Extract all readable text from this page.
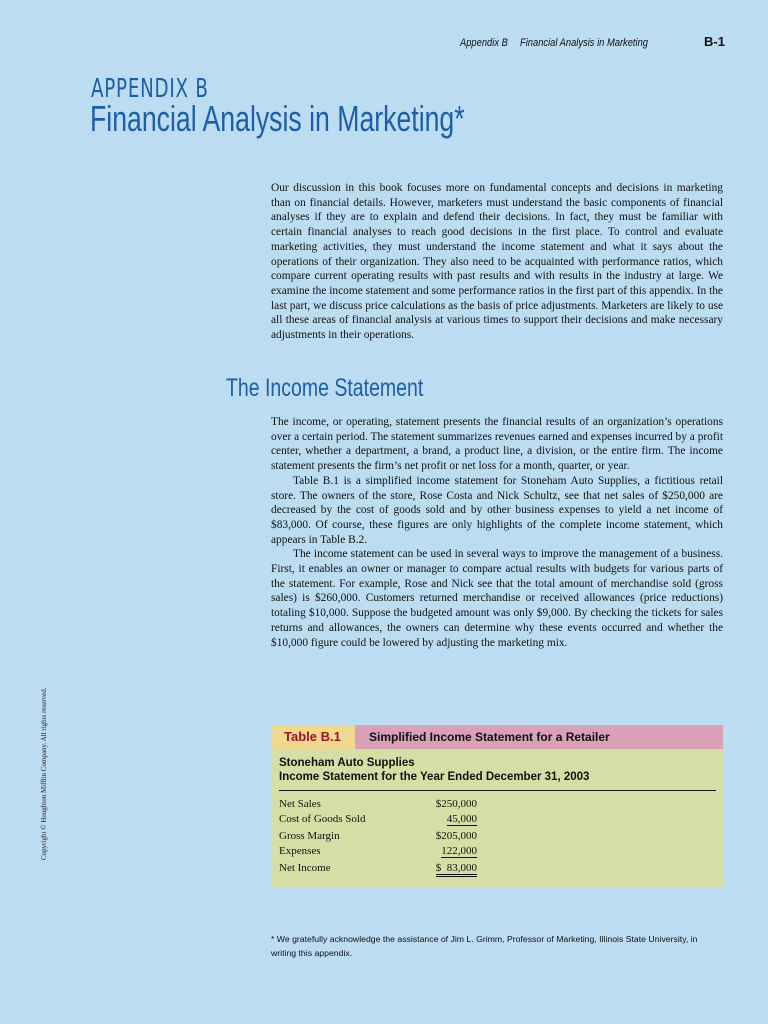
Appendix B Financial Analysis in Marketing	B-1
APPENDIX B
Financial Analysis in Marketing*

Our discussion in this book focuses more on fundamental concepts and decisions in marketing than on financial details. However, marketers must understand the basic components of financial analyses if they are to explain and defend their decisions. In fact, they must be familiar with certain financial analyses to reach good decisions in the first place. To control and evaluate marketing activities, they must understand the income statement and what it says about the operations of their organization. They also need to be acquainted with performance ratios, which compare current operating results with past results and with results in the industry at large. We examine the income statement and some performance ratios in the first part of this appendix. In the last part, we discuss price calculations as the basis of price adjustments. Marketers are likely to use all these areas of financial analysis at various times to support their decisions and make necessary adjustments in their operations.

The Income Statement

The income, or operating, statement presents the financial results of an organization’s operations over a certain period. The statement summarizes revenues earned and expenses incurred by a profit center, whether a department, a brand, a product line, a division, or the entire firm. The income statement presents the firm’s net profit or net loss for a month, quarter, or year.

Table B.1 is a simplified income statement for Stoneham Auto Supplies, a fictitious retail store. The owners of the store, Rose Costa and Nick Schultz, see that net sales of $250,000 are decreased by the cost of goods sold and by other business expenses to yield a net income of $83,000. Of course, these figures are only highlights of the complete income statement, which appears in Table B.2.

The income statement can be used in several ways to improve the management of a business. First, it enables an owner or manager to compare actual results with budgets for various parts of the statement. For example, Rose and Nick see that the total amount of merchandise sold (gross sales) is $260,000. Customers returned merchandise or received allowances (price reductions) totaling $10,000. Suppose the budgeted amount was only $9,000. By checking the tickets for sales returns and allowances, the owners can determine why these events occurred and whether the $10,000 figure could be lowered by adjusting the marketing mix.

Copyright © Houghton Mifflin Company. All rights reserved.	Table B.1	Simplified Income Statement for a Retailer
Stoneham Auto Supplies
Income Statement for the Year Ended December 31, 2003
Net Sales	$250,000
Cost of Goods Sold	45,000
Gross Margin	$205,000
Expenses	122,000
Net Income	$  83,000
* We gratefully acknowledge the assistance of Jim L. Grimm, Professor of Marketing, Illinois State University, in writing this appendix.
